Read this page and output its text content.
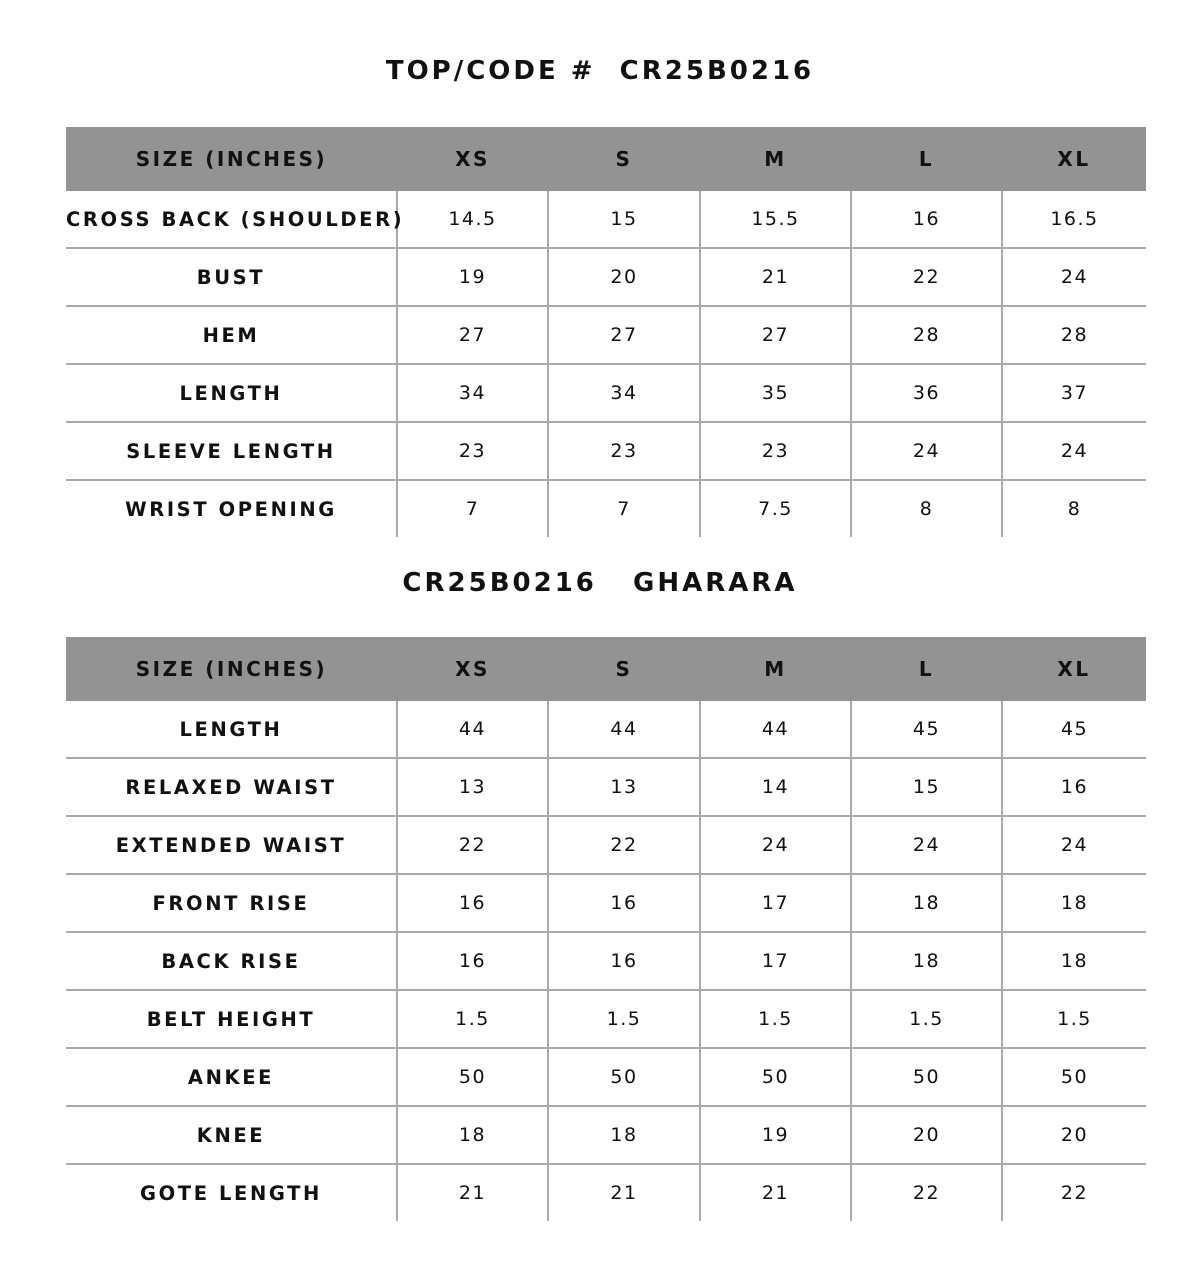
TOP/CODE #  CR25B0216
SIZE (INCHES)	XS	S	M	L	XL
CROSS BACK (SHOULDER)	14.5	15	15.5	16	16.5
BUST	19	20	21	22	24
HEM	27	27	27	28	28
LENGTH	34	34	35	36	37
SLEEVE LENGTH	23	23	23	24	24
WRIST OPENING	7	7	7.5	8	8
CR25B0216   GHARARA
SIZE (INCHES)	XS	S	M	L	XL
LENGTH	44	44	44	45	45
RELAXED WAIST	13	13	14	15	16
EXTENDED WAIST	22	22	24	24	24
FRONT RISE	16	16	17	18	18
BACK RISE	16	16	17	18	18
BELT HEIGHT	1.5	1.5	1.5	1.5	1.5
ANKEE	50	50	50	50	50
KNEE	18	18	19	20	20
GOTE LENGTH	21	21	21	22	22
